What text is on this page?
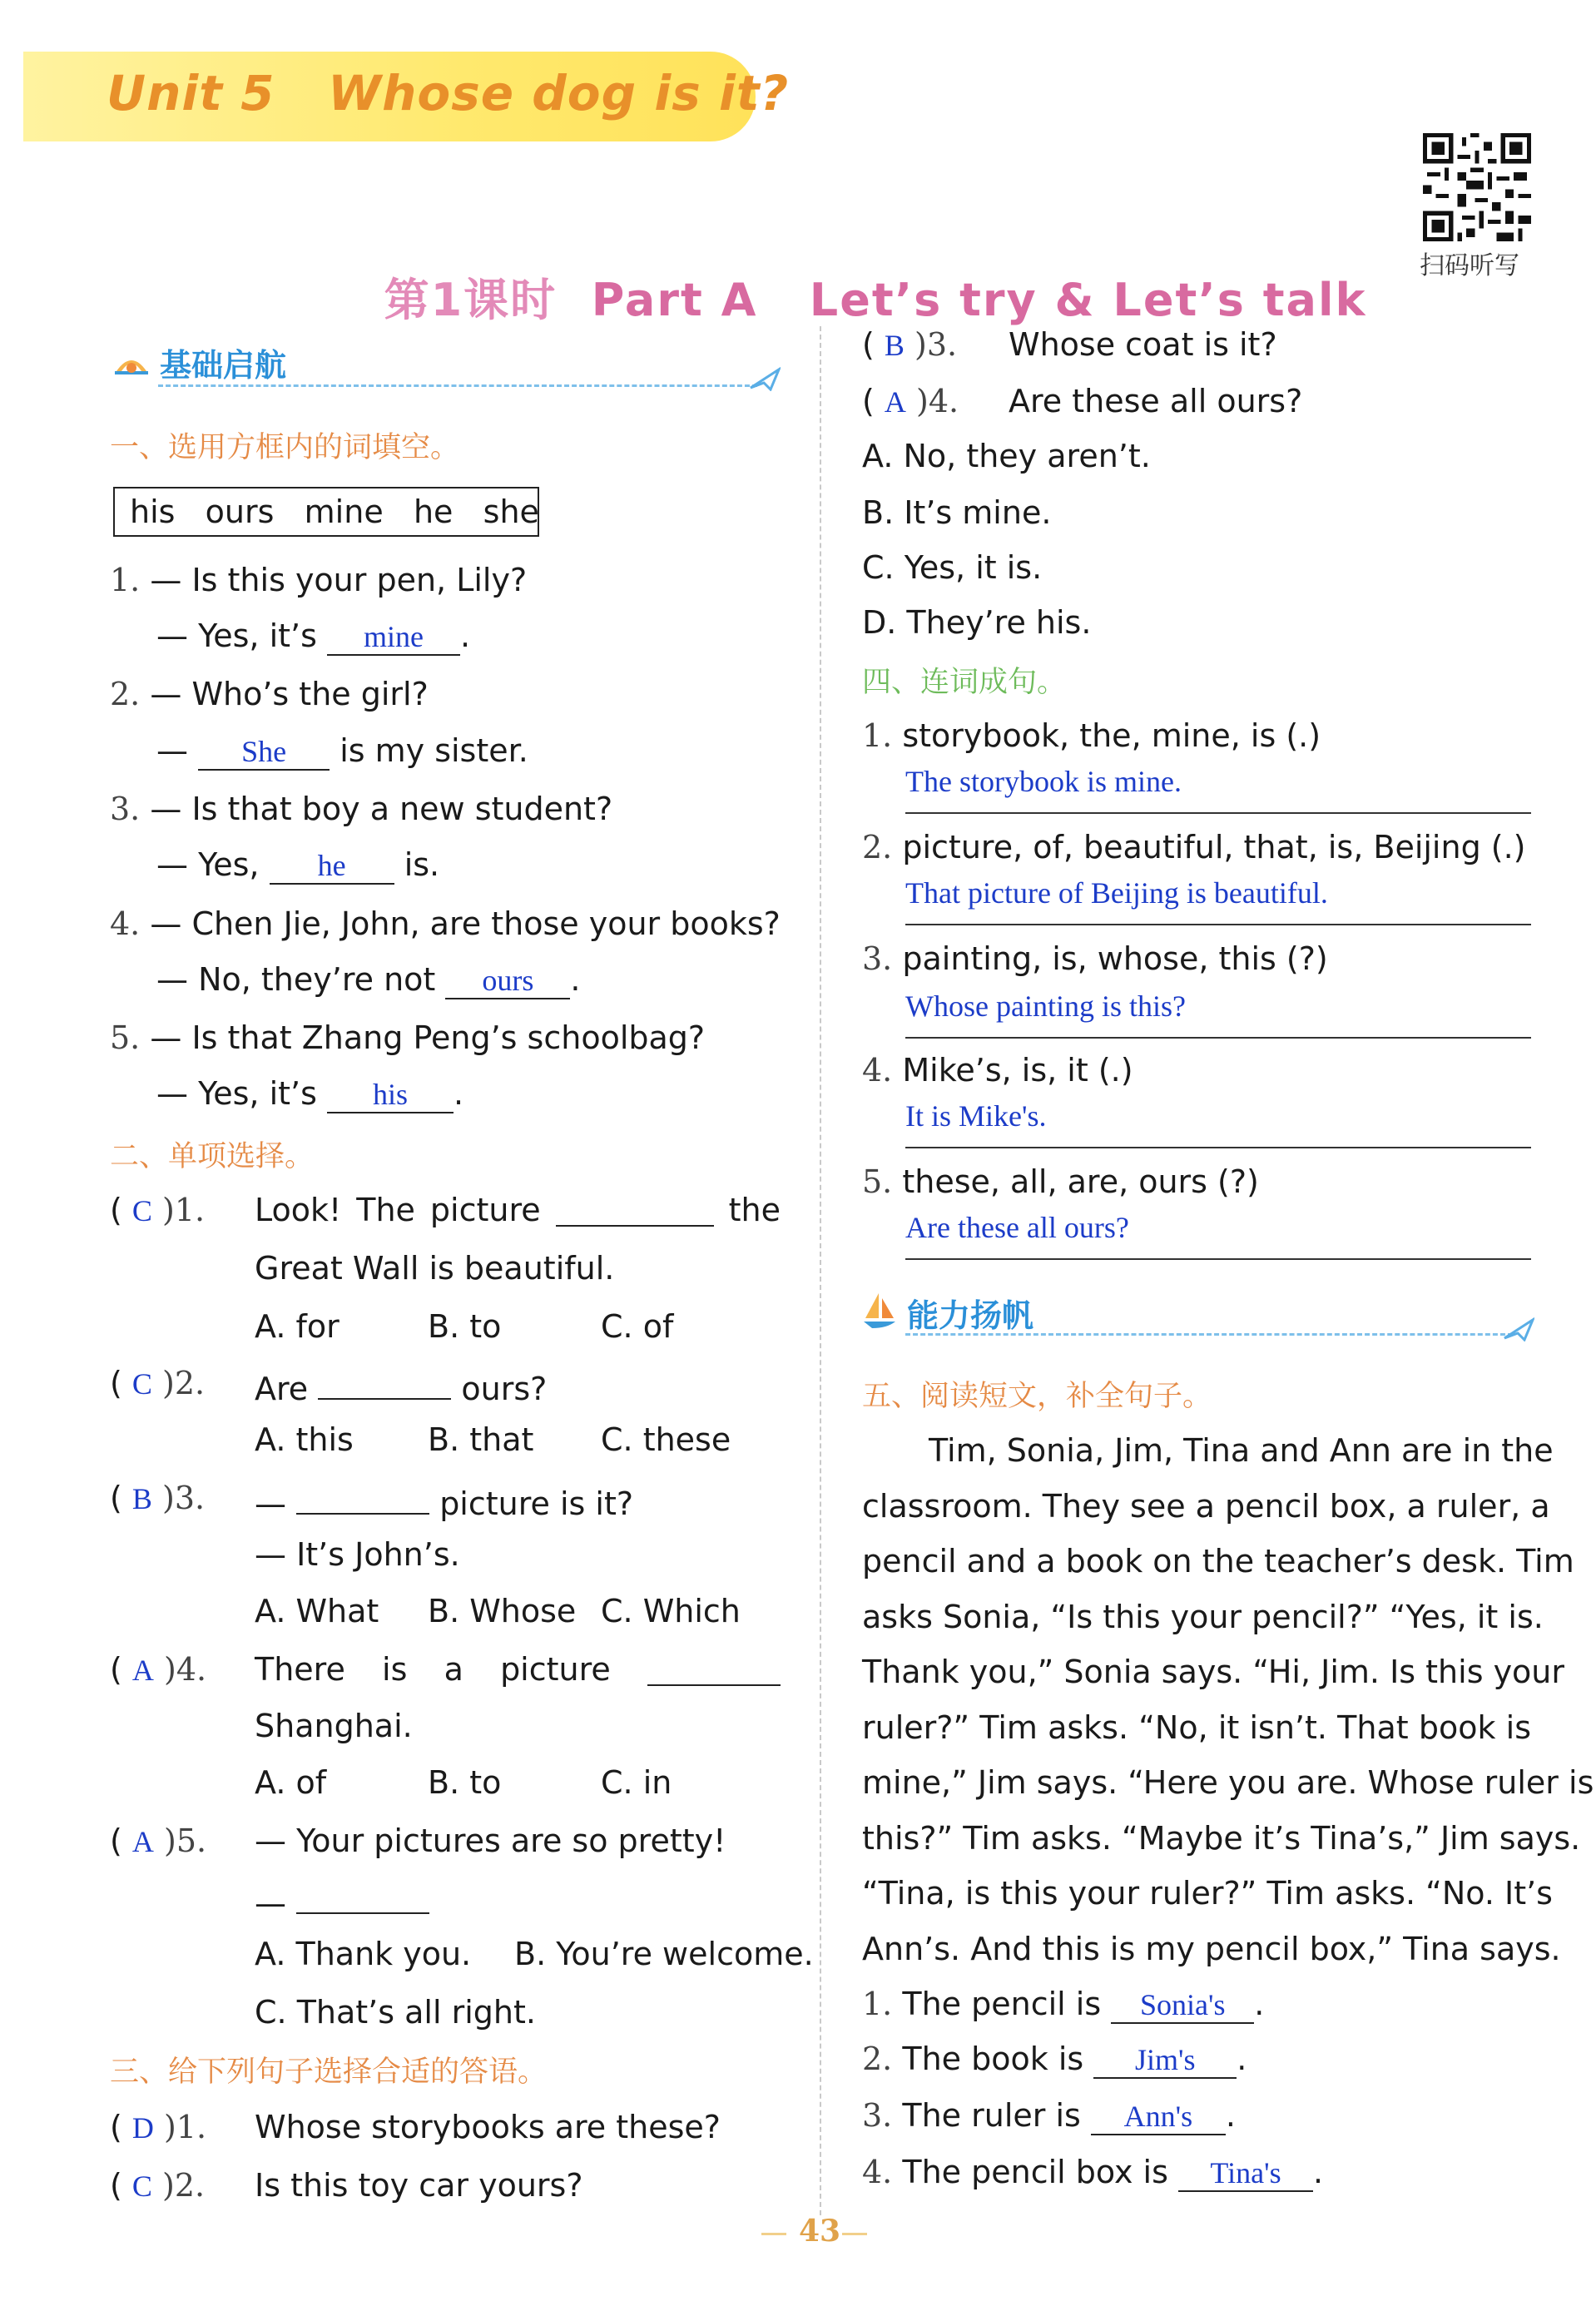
Unit 5   Whose dog is it?

第1课时 Part A   Let’s try & Let’s talk

扫码听写
基础启航
一、选用方框内的词填空。
his   ours   mine   he   she
1. — Is this your pen, Lily?
— Yes, it’s mine .
2. — Who’s the girl?
— She is my sister.
3. — Is that boy a new student?
— Yes, he is.
4. — Chen Jie, John, are those your books?
— No, they’re not ours .
5. — Is that Zhang Peng’s schoolbag?
— Yes, it’s his .
二、单项选择。
( C )1. Look! The picture	the
Great Wall is beautiful.
A. for	B. to	C. of
( C )2. Are	ours?
A. this B. that C. these
( B )3. —	picture is it?
— It’s John’s.
A. What B. Whose C. Which
( A )4. There is a picture
Shanghai.
A. of	B. to	C. in
( A )5. — Your pictures are so pretty!
—
A. Thank you. B. You’re welcome.
C. That’s all right.
三、给下列句子选择合适的答语。
( D )1. Whose storybooks are these?
( C )2. Is this toy car yours?
( B )3. Whose coat is it?
( A )4. Are these all ours?
A. No, they aren’t.
B. It’s mine.
C. Yes, it is.
D. They’re his.
四、连词成句。
1. storybook, the, mine, is (.)
The storybook is mine.
2. picture, of, beautiful, that, is, Beijing (.)
That picture of Beijing is beautiful.
3. painting, is, whose, this (?)
Whose painting is this?
4. Mike’s, is, it (.)
It is Mike's.
5. these, all, are, ours (?)
Are these all ours?
能力扬帆
五、阅读短文，补全句子。
Tim, Sonia, Jim, Tina and Ann are in the
classroom. They see a pencil box, a ruler, a
pencil and a book on the teacher’s desk. Tim
asks Sonia, “Is this your pencil?” “Yes, it is.
Thank you,” Sonia says. “Hi, Jim. Is this your
ruler?” Tim asks. “No, it isn’t. That book is
mine,” Jim says. “Here you are. Whose ruler is
this?” Tim asks. “Maybe it’s Tina’s,” Jim says.
“Tina, is this your ruler?” Tim asks. “No. It’s
Ann’s. And this is my pencil box,” Tina says.
1. The pencil is Sonia's .
2. The book is Jim's .
3. The ruler is Ann's .
4. The pencil box is Tina's .
43
